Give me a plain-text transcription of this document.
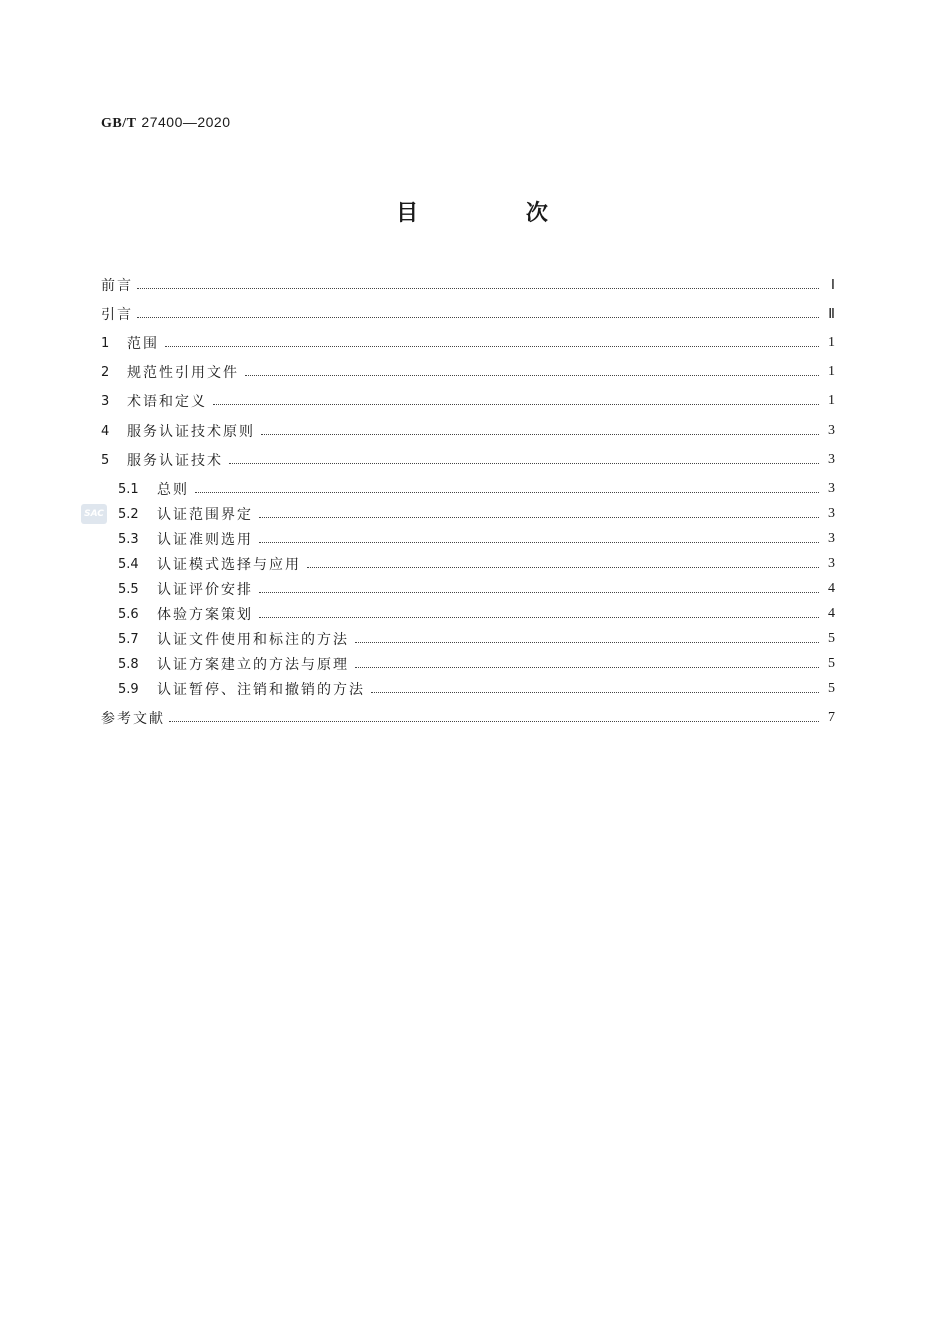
GB/T 27400—2020
目 次
SAC
前言	Ⅰ
引言	Ⅱ
1	范围	1
2	规范性引用文件	1
3	术语和定义	1
4	服务认证技术原则	3
5	服务认证技术	3
5.1	总则	3
5.2	认证范围界定	3
5.3	认证准则选用	3
5.4	认证模式选择与应用	3
5.5	认证评价安排	4
5.6	体验方案策划	4
5.7	认证文件使用和标注的方法	5
5.8	认证方案建立的方法与原理	5
5.9	认证暂停、注销和撤销的方法	5
参考文献	7
